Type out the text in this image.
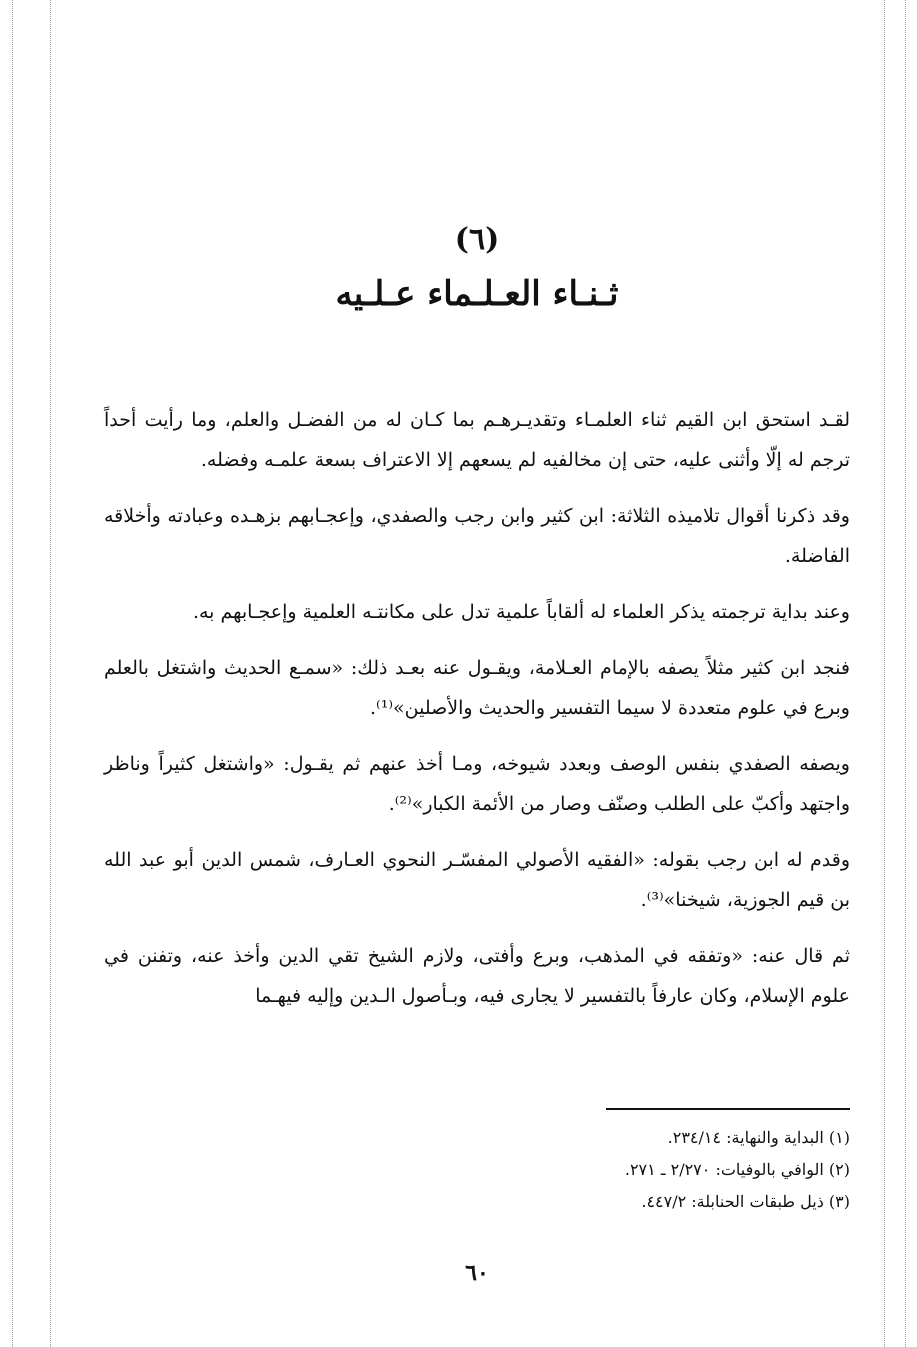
(٦)
ثـنـاء العـلـماء عـلـيه

لقـد استحق ابن القيم ثناء العلمـاء وتقديـرهـم بما كـان له من الفضـل والعلم، وما رأيت أحداً ترجم له إلّا وأثنى عليه، حتى إن مخالفيه لم يسعهم إلا الاعتراف بسعة علمـه وفضله.

وقد ذكرنا أقوال تلاميذه الثلاثة: ابن كثير وابن رجب والصفدي، وإعجـابهم بزهـده وعبادته وأخلاقه الفاضلة.

وعند بداية ترجمته يذكر العلماء له ألقاباً علمية تدل على مكانتـه العلمية وإعجـابهم به.

فنجد ابن كثير مثلاً يصفه بالإمام العـلامة، ويقـول عنه بعـد ذلك: «سمـع الحديث واشتغل بالعلم وبرع في علوم متعددة لا سيما التفسير والحديث والأصلين»⁽¹⁾.

ويصفه الصفدي بنفس الوصف وبعدد شيوخه، ومـا أخذ عنهم ثم يقـول: «واشتغل كثيراً وناظر واجتهد وأكبّ على الطلب وصنّف وصار من الأئمة الكبار»⁽²⁾.

وقدم له ابن رجب بقوله: «الفقيه الأصولي المفسّـر النحوي العـارف، شمس الدين أبو عبد الله بن قيم الجوزية، شيخنا»⁽³⁾.

ثم قال عنه: «وتفقه في المذهب، وبرع وأفتى، ولازم الشيخ تقي الدين وأخذ عنه، وتفنن في علوم الإسلام، وكان عارفاً بالتفسير لا يجارى فيه، وبـأصول الـدين وإليه فيهـما

(١) البداية والنهاية: ٢٣٤/١٤.
(٢) الوافي بالوفيات: ٢/٢٧٠ ـ ٢٧١.
(٣) ذيل طبقات الحنابلة: ٤٤٧/٢.
٦٠
